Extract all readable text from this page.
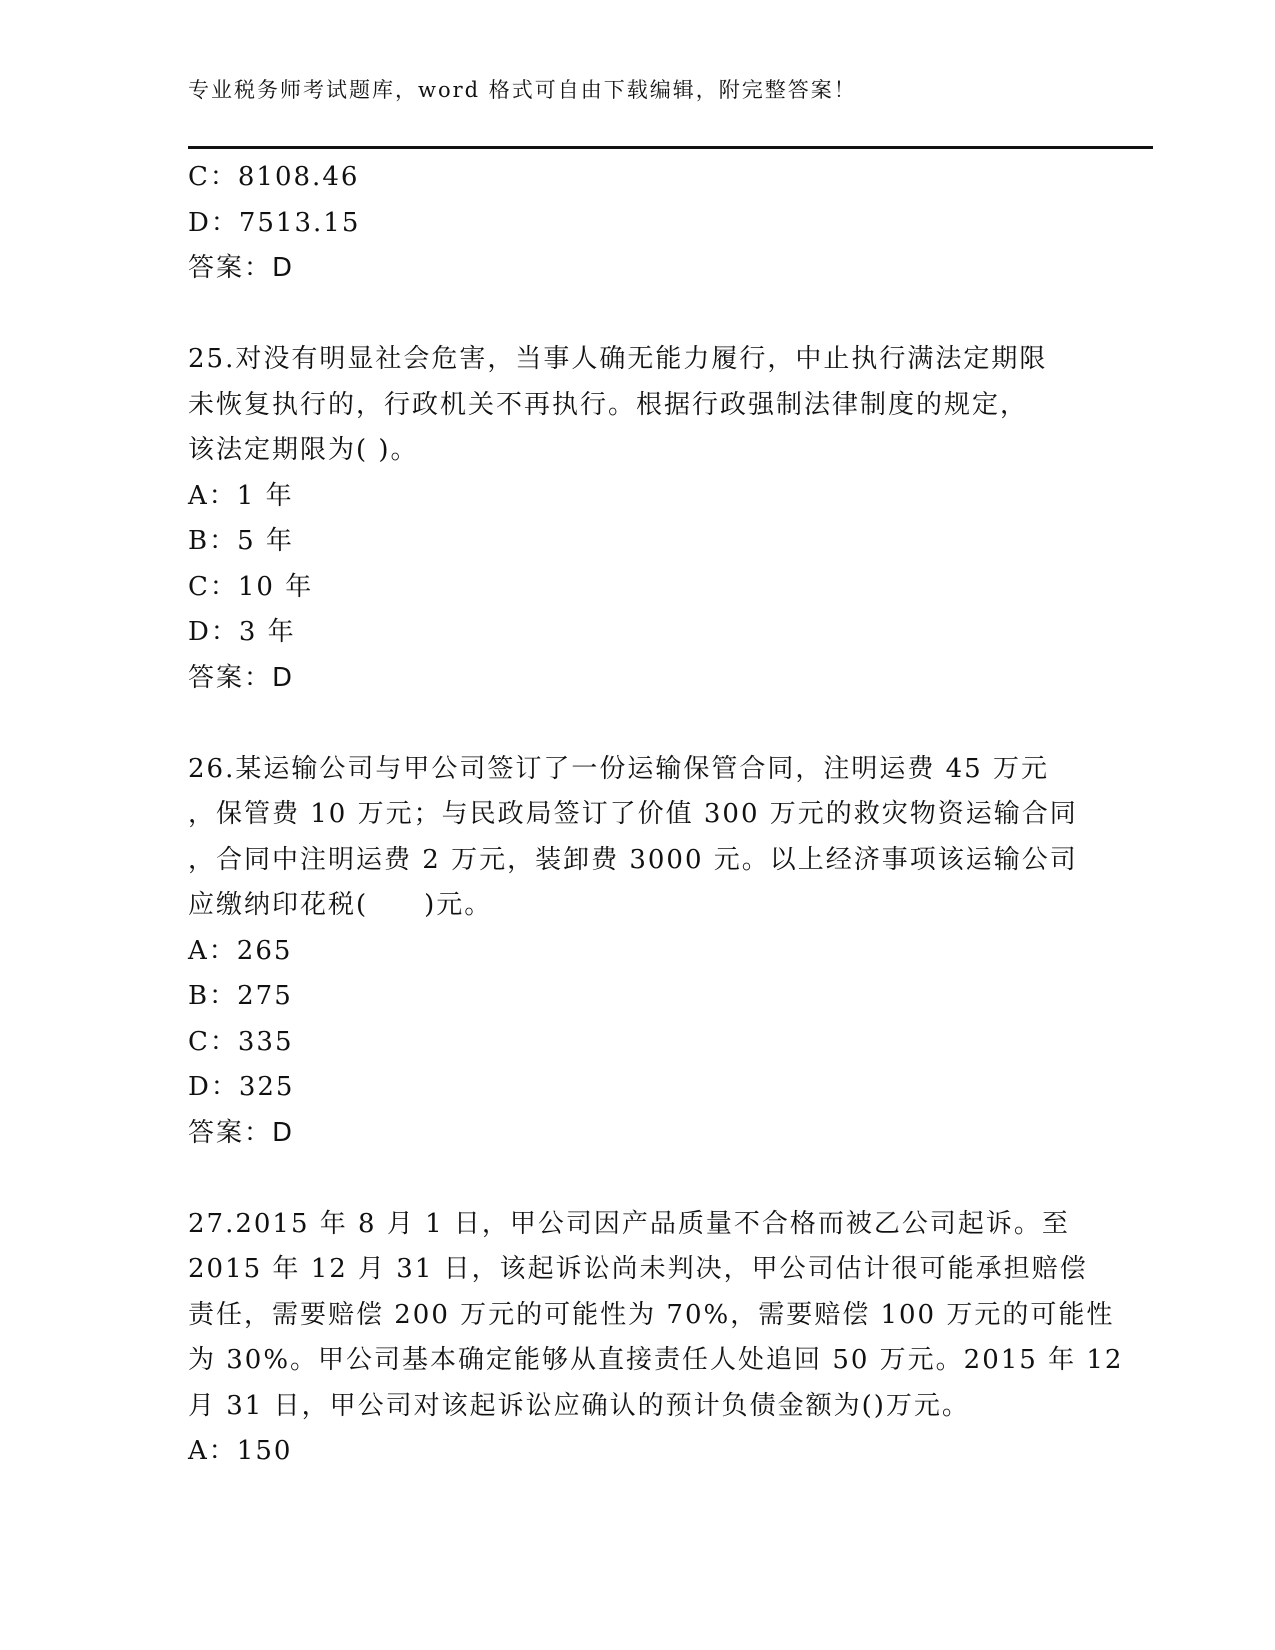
专业税务师考试题库，word 格式可自由下载编辑，附完整答案！
C：8108.46
D：7513.15
答案：D
25.对没有明显社会危害，当事人确无能力履行，中止执行满法定期限
未恢复执行的，行政机关不再执行。根据行政强制法律制度的规定，
该法定期限为( )。
A：1 年
B：5 年
C：10 年
D：3 年
答案：D
26.某运输公司与甲公司签订了一份运输保管合同，注明运费 45 万元
，保管费 10 万元；与民政局签订了价值 300 万元的救灾物资运输合同
，合同中注明运费 2 万元，装卸费 3000 元。以上经济事项该运输公司
应缴纳印花税(　　)元。
A：265
B：275
C：335
D：325
答案：D
27.2015 年 8 月 1 日，甲公司因产品质量不合格而被乙公司起诉。至
2015 年 12 月 31 日，该起诉讼尚未判决，甲公司估计很可能承担赔偿
责任，需要赔偿 200 万元的可能性为 70%，需要赔偿 100 万元的可能性
为 30%。甲公司基本确定能够从直接责任人处追回 50 万元。2015 年 12
月 31 日，甲公司对该起诉讼应确认的预计负债金额为()万元。
A：150
